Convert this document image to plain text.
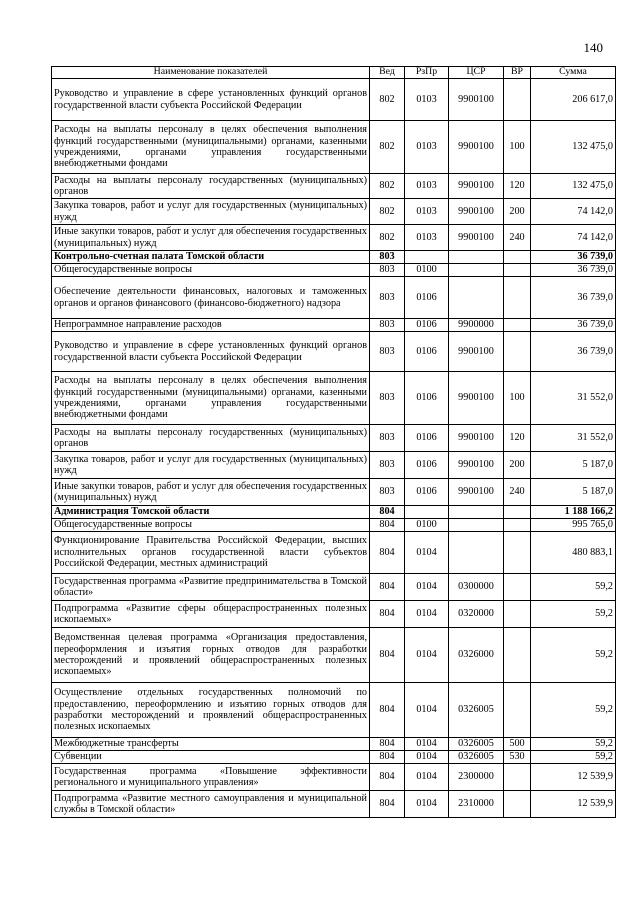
140
Наименование показателей	Вед	РзПр	ЦСР	ВР	Сумма
Руководство и управление в сфере установленных функций органов государственной власти субъекта Российской Федерации	802	0103	9900100		206 617,0
Расходы на выплаты персоналу в целях обеспечения выполнения функций государственными (муниципальными) органами, казенными учреждениями, органами управления государственными внебюджетными фондами	802	0103	9900100	100	132 475,0
Расходы на выплаты персоналу государственных (муниципальных) органов	802	0103	9900100	120	132 475,0
Закупка товаров, работ и услуг для государственных (муниципальных) нужд	802	0103	9900100	200	74 142,0
Иные закупки товаров, работ и услуг для обеспечения государственных (муниципальных) нужд	802	0103	9900100	240	74 142,0
Контрольно-счетная палата Томской области	803				36 739,0
Общегосударственные вопросы	803	0100			36 739,0
Обеспечение деятельности финансовых, налоговых и таможенных органов и органов финансового (финансово-бюджетного) надзора	803	0106			36 739,0
Непрограммное направление расходов	803	0106	9900000		36 739,0
Руководство и управление в сфере установленных функций органов государственной власти субъекта Российской Федерации	803	0106	9900100		36 739,0
Расходы на выплаты персоналу в целях обеспечения выполнения функций государственными (муниципальными) органами, казенными учреждениями, органами управления государственными внебюджетными фондами	803	0106	9900100	100	31 552,0
Расходы на выплаты персоналу государственных (муниципальных) органов	803	0106	9900100	120	31 552,0
Закупка товаров, работ и услуг для государственных (муниципальных) нужд	803	0106	9900100	200	5 187,0
Иные закупки товаров, работ и услуг для обеспечения государственных (муниципальных) нужд	803	0106	9900100	240	5 187,0
Администрация Томской области	804				1 188 166,2
Общегосударственные вопросы	804	0100			995 765,0
Функционирование Правительства Российской Федерации, высших исполнительных органов государственной власти субъектов Российской Федерации, местных администраций	804	0104			480 883,1
Государственная программа «Развитие предпринимательства в Томской области»	804	0104	0300000		59,2
Подпрограмма «Развитие сферы общераспространенных полезных ископаемых»	804	0104	0320000		59,2
Ведомственная целевая программа «Организация предоставления, переоформления и изъятия горных отводов для разработки месторождений и проявлений общераспространенных полезных ископаемых»	804	0104	0326000		59,2
Осуществление отдельных государственных полномочий по предоставлению, переоформлению и изъятию горных отводов для разработки месторождений и проявлений общераспространенных полезных ископаемых	804	0104	0326005		59,2
Межбюджетные трансферты	804	0104	0326005	500	59,2
Субвенции	804	0104	0326005	530	59,2
Государственная программа «Повышение эффективности регионального и муниципального управления»	804	0104	2300000		12 539,9
Подпрограмма «Развитие местного самоуправления и муниципальной службы в Томской области»	804	0104	2310000		12 539,9
